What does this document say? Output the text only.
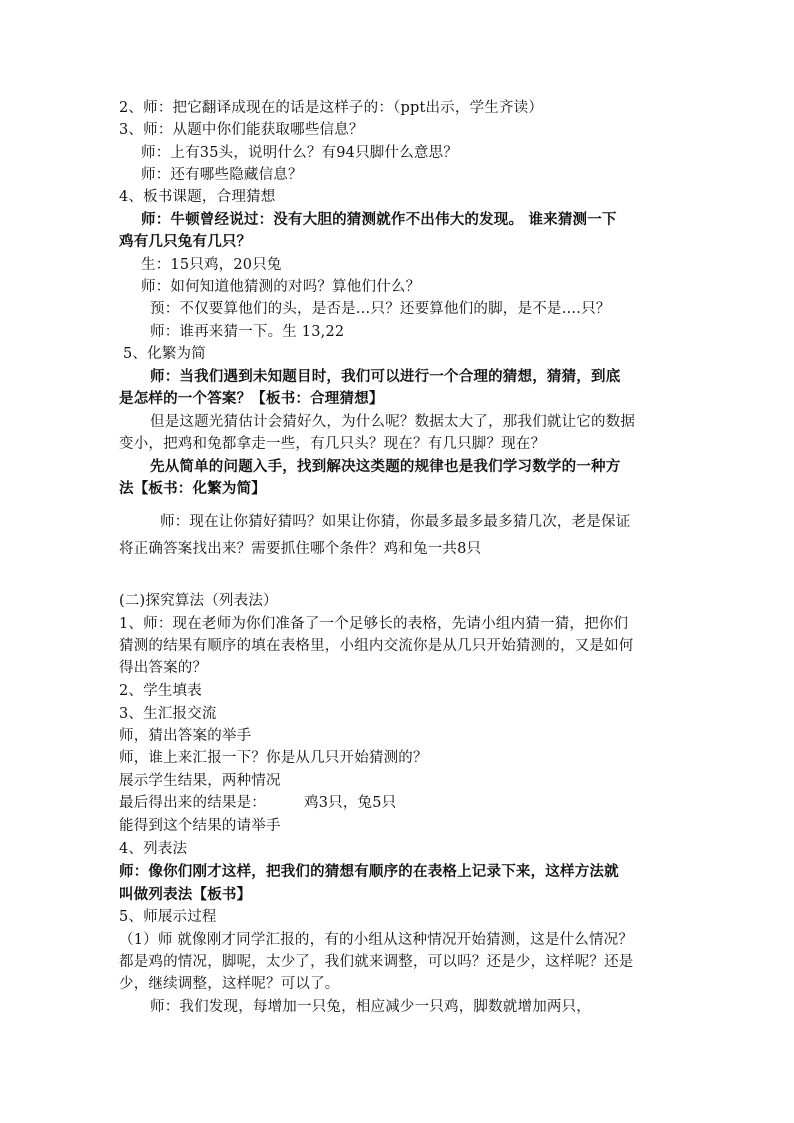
2、师：把它翻译成现在的话是这样子的：（ppt出示，学生齐读）
3、师：从题中你们能获取哪些信息？
师：上有35头，说明什么？有94只脚什么意思？
师：还有哪些隐藏信息？
4、板书课题，合理猜想
师：牛顿曾经说过：没有大胆的猜测就作不出伟大的发现。 谁来猜测一下
鸡有几只兔有几只？
生：15只鸡，20只兔
师：如何知道他猜测的对吗？算他们什么？
预：不仅要算他们的头，是否是…只？还要算他们的脚，是不是….只？
师：谁再来猜一下。生 13,22
5、化繁为简
师：当我们遇到未知题目时，我们可以进行一个合理的猜想，猜猜，到底
是怎样的一个答案？【板书：合理猜想】
但是这题光猜估计会猜好久，为什么呢？数据太大了，那我们就让它的数据
变小，把鸡和兔都拿走一些，有几只头？现在？有几只脚？现在？
先从简单的问题入手，找到解决这类题的规律也是我们学习数学的一种方
法【板书：化繁为简】
师：现在让你猜好猜吗？如果让你猜，你最多最多最多猜几次，老是保证
将正确答案找出来？需要抓住哪个条件？鸡和兔一共8只
(二)探究算法（列表法）
1、师：现在老师为你们准备了一个足够长的表格，先请小组内猜一猜，把你们
猜测的结果有顺序的填在表格里，小组内交流你是从几只开始猜测的，又是如何
得出答案的？
2、学生填表
3、生汇报交流
师，猜出答案的举手
师，谁上来汇报一下？你是从几只开始猜测的？
展示学生结果，两种情况
最后得出来的结果是：	鸡3只，兔5只
能得到这个结果的请举手
4、列表法
师：像你们刚才这样，把我们的猜想有顺序的在表格上记录下来，这样方法就
叫做列表法【板书】
5、师展示过程
（1）师 就像刚才同学汇报的，有的小组从这种情况开始猜测，这是什么情况？
都是鸡的情况，脚呢，太少了，我们就来调整，可以吗？还是少，这样呢？还是
少，继续调整，这样呢？可以了。
师：我们发现，每增加一只兔，相应减少一只鸡，脚数就增加两只，
